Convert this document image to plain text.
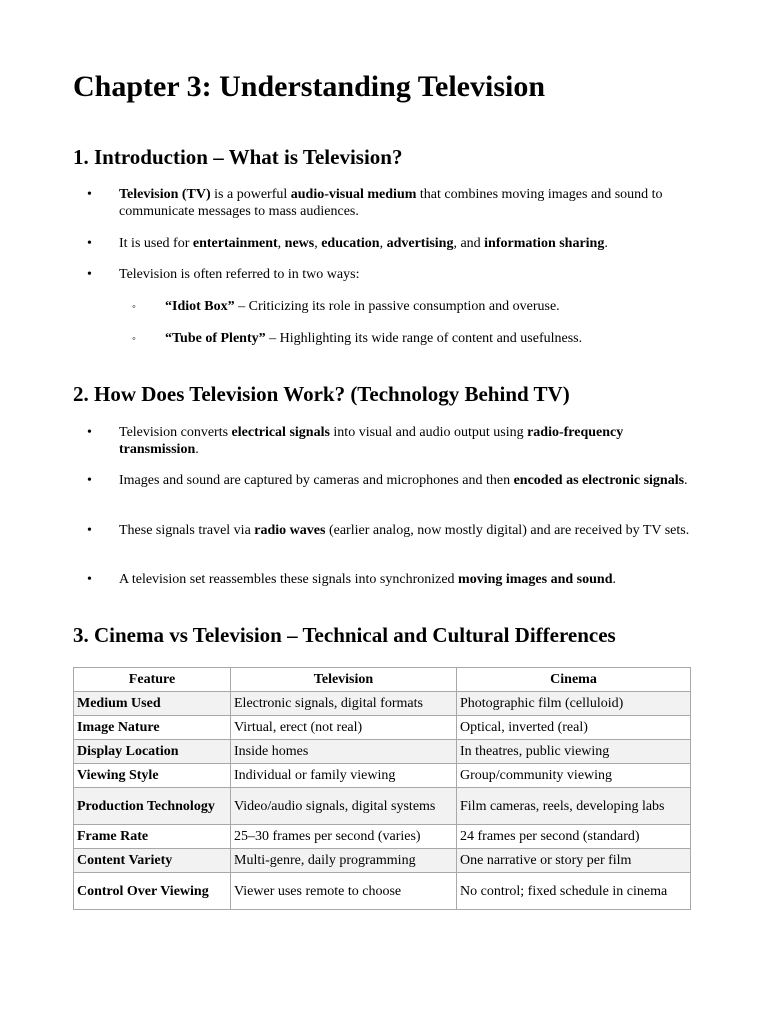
Chapter 3: Understanding Television
1. Introduction – What is Television?
• Television (TV) is a powerful audio-visual medium that combines moving images and sound to communicate messages to mass audiences.
• It is used for entertainment, news, education, advertising, and information sharing.
• Television is often referred to in two ways:
◦ “Idiot Box” – Criticizing its role in passive consumption and overuse.
◦ “Tube of Plenty” – Highlighting its wide range of content and usefulness.
2. How Does Television Work? (Technology Behind TV)
• Television converts electrical signals into visual and audio output using radio-frequency transmission.
• Images and sound are captured by cameras and microphones and then encoded as electronic signals.
• These signals travel via radio waves (earlier analog, now mostly digital) and are received by TV sets.
• A television set reassembles these signals into synchronized moving images and sound.
3. Cinema vs Television – Technical and Cultural Differences
Feature	Television	Cinema
Medium Used	Electronic signals, digital formats	Photographic film (celluloid)
Image Nature	Virtual, erect (not real)	Optical, inverted (real)
Display Location	Inside homes	In theatres, public viewing
Viewing Style	Individual or family viewing	Group/community viewing
Production Technology	Video/audio signals, digital systems	Film cameras, reels, developing labs
Frame Rate	25–30 frames per second (varies)	24 frames per second (standard)
Content Variety	Multi-genre, daily programming	One narrative or story per film
Control Over Viewing	Viewer uses remote to choose	No control; fixed schedule in cinema
